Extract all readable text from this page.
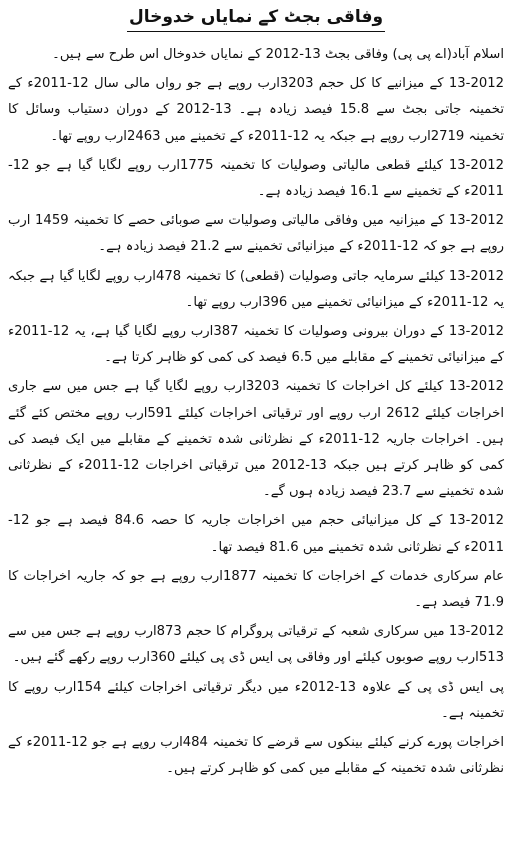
وفاقی بجٹ کے نمایاں خدوخال

اسلام آباد(اے پی پی) وفاقی بجٹ 13-2012 کے نمایاں خدوخال اس طرح سے ہیں۔

13-2012 کے میزانیے کا کل حجم 3203ارب روپے ہے جو رواں مالی سال 12-2011ء کے تخمینہ جاتی بجٹ سے 15.8 فیصد زیادہ ہے۔ 13-2012 کے دوران دستیاب وسائل کا تخمینہ 2719ارب روپے ہے جبکہ یہ 12-2011ء کے تخمینے میں 2463ارب روپے تھا۔

13-2012 کیلئے قطعی مالیاتی وصولیات کا تخمینہ 1775ارب روپے لگایا گیا ہے جو 12-2011ء کے تخمینے سے 16.1 فیصد زیادہ ہے۔

13-2012 کے میزانیہ میں وفاقی مالیاتی وصولیات سے صوبائی حصے کا تخمینہ 1459 ارب روپے ہے جو کہ 12-2011ء کے میزانیائی تخمینے سے 21.2 فیصد زیادہ ہے۔

13-2012 کیلئے سرمایہ جاتی وصولیات (قطعی) کا تخمینہ 478ارب روپے لگایا گیا ہے جبکہ یہ 12-2011ء کے میزانیائی تخمینے میں 396ارب روپے تھا۔

13-2012 کے دوران بیرونی وصولیات کا تخمینہ 387ارب روپے لگایا گیا ہے، یہ 12-2011ء کے میزانیائی تخمینے کے مقابلے میں 6.5 فیصد کی کمی کو ظاہر کرتا ہے۔

13-2012 کیلئے کل اخراجات کا تخمینہ 3203ارب روپے لگایا گیا ہے جس میں سے جاری اخراجات کیلئے 2612 ارب روپے اور ترقیاتی اخراجات کیلئے 591ارب روپے مختص کئے گئے ہیں۔ اخراجات جاریہ 12-2011ء کے نظرثانی شدہ تخمینے کے مقابلے میں ایک فیصد کی کمی کو ظاہر کرتے ہیں جبکہ 13-2012 میں ترقیاتی اخراجات 12-2011ء کے نظرثانی شدہ تخمینے سے 23.7 فیصد زیادہ ہوں گے۔

13-2012 کے کل میزانیائی حجم میں اخراجات جاریہ کا حصہ 84.6 فیصد ہے جو 12-2011ء کے نظرثانی شدہ تخمینے میں 81.6 فیصد تھا۔

عام سرکاری خدمات کے اخراجات کا تخمینہ 1877ارب روپے ہے جو کہ جاریہ اخراجات کا 71.9 فیصد ہے۔

13-2012 میں سرکاری شعبہ کے ترقیاتی پروگرام کا حجم 873ارب روپے ہے جس میں سے 513ارب روپے صوبوں کیلئے اور وفاقی پی ایس ڈی پی کیلئے 360ارب روپے رکھے گئے ہیں۔

پی ایس ڈی پی کے علاوہ 13-2012ء میں دیگر ترقیاتی اخراجات کیلئے 154ارب روپے کا تخمینہ ہے۔

اخراجات پورے کرنے کیلئے بینکوں سے قرضے کا تخمینہ 484ارب روپے ہے جو 12-2011ء کے نظرثانی شدہ تخمینہ کے مقابلے میں کمی کو ظاہر کرتے ہیں۔
